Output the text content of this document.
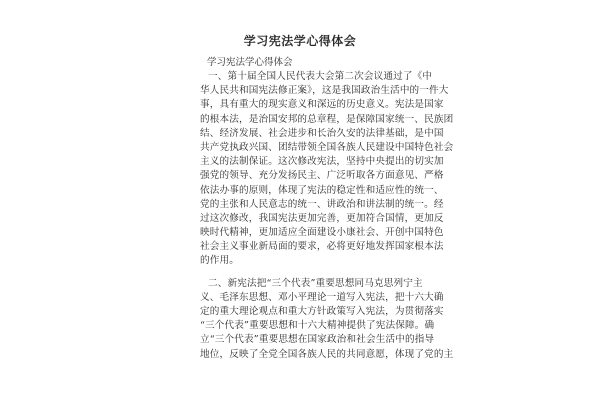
学习宪法学心得体会

学习宪法学心得体会

一、第十届全国人民代表大会第二次会议通过了《中
华人民共和国宪法修正案》，这是我国政治生活中的一件大
事，具有重大的现实意义和深远的历史意义。宪法是国家
的根本法，是治国安邦的总章程，是保障国家统一、民族团
结、经济发展、社会进步和长治久安的法律基础，是中国
共产党执政兴国、团结带领全国各族人民建设中国特色社会
主义的法制保证。这次修改宪法，坚持中央提出的切实加
强党的领导、充分发扬民主、广泛听取各方面意见、严格
依法办事的原则，体现了宪法的稳定性和适应性的统一、
党的主张和人民意志的统一、讲政治和讲法制的统一。经
过这次修改，我国宪法更加完善，更加符合国情，更加反
映时代精神，更加适应全面建设小康社会、开创中国特色
社会主义事业新局面的要求，必将更好地发挥国家根本法
的作用。
二、新宪法把“三个代表”重要思想同马克思列宁主
义、毛泽东思想、邓小平理论一道写入宪法，把十六大确
定的重大理论观点和重大方针政策写入宪法，为贯彻落实
“三个代表”重要思想和十六大精神提供了宪法保障。确
立“三个代表”重要思想在国家政治和社会生活中的指导
地位，反映了全党全国各族人民的共同意愿，体现了党的主
